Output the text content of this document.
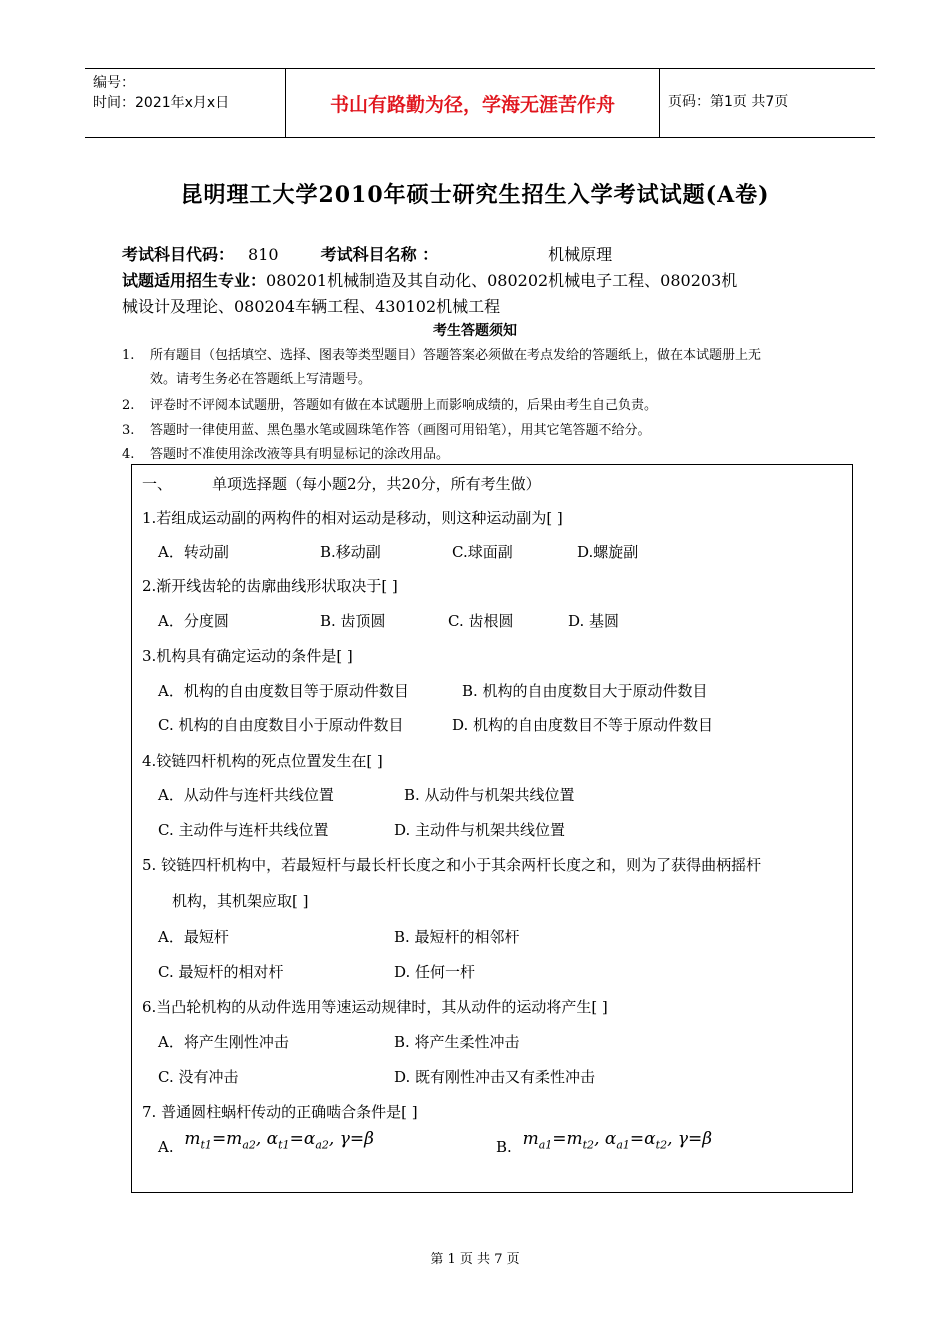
编号：
时间：2021年x月x日	书山有路勤为径，学海无涯苦作舟	页码：第1页 共7页
昆明理工大学2010年硕士研究生招生入学考试试题(A卷)
考试科目代码： 810	考试科目名称 ：	机械原理
试题适用招生专业：080201机械制造及其自动化、080202机械电子工程、080203机
械设计及理论、080204车辆工程、430102机械工程
考生答题须知
1. 所有题目（包括填空、选择、图表等类型题目）答题答案必须做在考点发给的答题纸上，做在本试题册上无
效。请考生务必在答题纸上写清题号。
2. 评卷时不评阅本试题册，答题如有做在本试题册上而影响成绩的，后果由考生自己负责。
3. 答题时一律使用蓝、黑色墨水笔或圆珠笔作答（画图可用铅笔），用其它笔答题不给分。
4. 答题时不准使用涂改液等具有明显标记的涂改用品。
一、	单项选择题（每小题2分，共20分，所有考生做）
1.若组成运动副的两构件的相对运动是移动，则这种运动副为[ ]
A．转动副	B.移动副	C.球面副	D.螺旋副
2.渐开线齿轮的齿廓曲线形状取决于[ ]
A．分度圆	B. 齿顶圆	C. 齿根圆	D. 基圆
3.机构具有确定运动的条件是[ ]
A．机构的自由度数目等于原动件数目	B. 机构的自由度数目大于原动件数目
C. 机构的自由度数目小于原动件数目	D. 机构的自由度数目不等于原动件数目
4.铰链四杆机构的死点位置发生在[ ]
A．从动件与连杆共线位置	B. 从动件与机架共线位置
C. 主动件与连杆共线位置	D. 主动件与机架共线位置
5. 铰链四杆机构中，若最短杆与最长杆长度之和小于其余两杆长度之和，则为了获得曲柄摇杆
机构，其机架应取[ ]
A．最短杆	B. 最短杆的相邻杆
C. 最短杆的相对杆	D. 任何一杆
6.当凸轮机构的从动件选用等速运动规律时，其从动件的运动将产生[ ]
A．将产生刚性冲击	B. 将产生柔性冲击
C. 没有冲击	D. 既有刚性冲击又有柔性冲击
7. 普通圆柱蜗杆传动的正确啮合条件是[ ]
A. $m_{t1}=m_{a2}$, $\alpha_{t1}=\alpha_{a2}$, γ=β	B. $m_{a1}=m_{t2}$, $\alpha_{a1}=\alpha_{t2}$, γ=β
第 1 页 共 7 页
